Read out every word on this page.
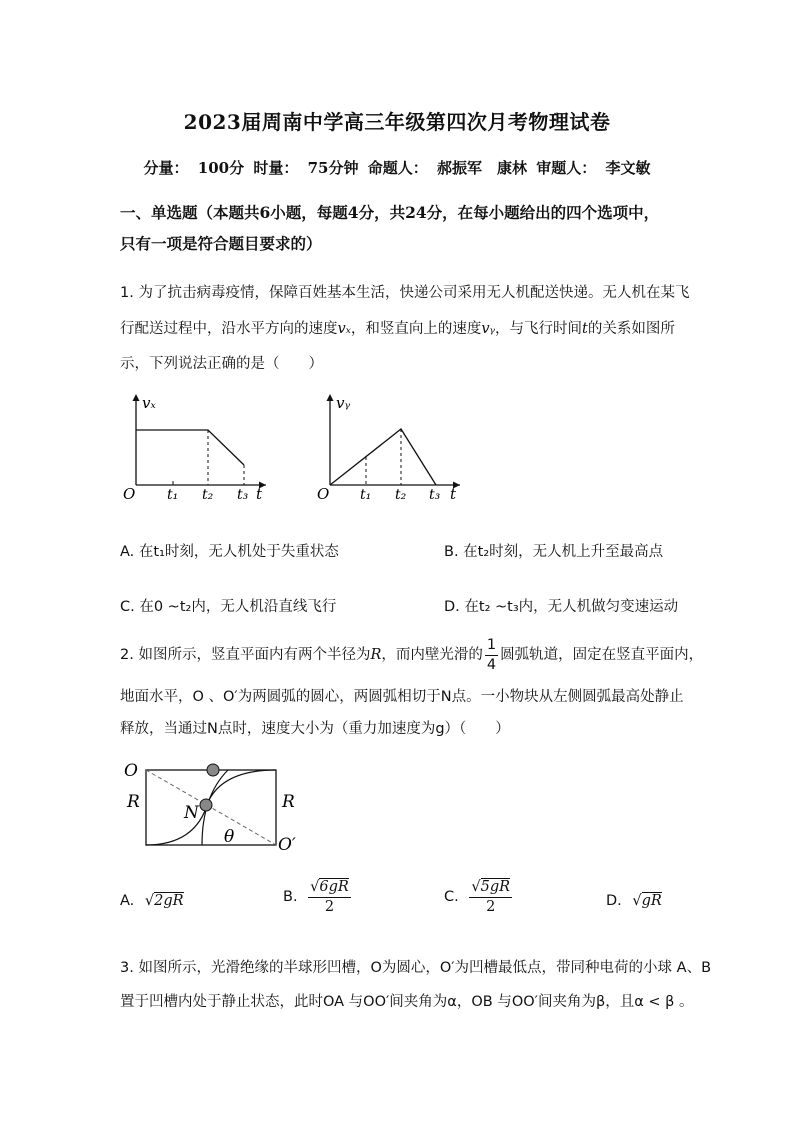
2023届周南中学高三年级第四次月考物理试卷
分量： 100分 时量： 75分钟 命题人： 郝振军　康林 审题人： 李文敏
一、单选题（本题共6小题，每题4分，共24分，在每小题给出的四个选项中，
只有一项是符合题目要求的）
1. 为了抗击病毒疫情，保障百姓基本生活，快递公司采用无人机配送快递。无人机在某飞
行配送过程中，沿水平方向的速度vₓ，和竖直向上的速度vᵧ，与飞行时间t的关系如图所
示，下列说法正确的是（　　）
vₓ
O t₁ t₂ t₃ t
vᵧ
O t₁ t₂ t₃ t
A. 在t₁时刻，无人机处于失重状态	B. 在t₂时刻，无人机上升至最高点
C. 在0 ~t₂内，无人机沿直线飞行	D. 在t₂ ~t₃内，无人机做匀变速运动
2. 如图所示，竖直平面内有两个半径为R，而内壁光滑的 $\frac{1}{4}$ 圆弧轨道，固定在竖直平面内，
地面水平，O 、O′为两圆弧的圆心，两圆弧相切于N点。一小物块从左侧圆弧最高处静止
释放，当通过N点时，速度大小为（重力加速度为g）（　　）
O
R
N
θ
R
O′
A. √2gR	B. $\frac{√6gR}{2}$	C. $\frac{√5gR}{2}$	D. √gR
3. 如图所示，光滑绝缘的半球形凹槽，O为圆心，O′为凹槽最低点，带同种电荷的小球 A、B
置于凹槽内处于静止状态，此时OA 与OO′间夹角为α，OB 与OO′间夹角为β，且α < β 。
